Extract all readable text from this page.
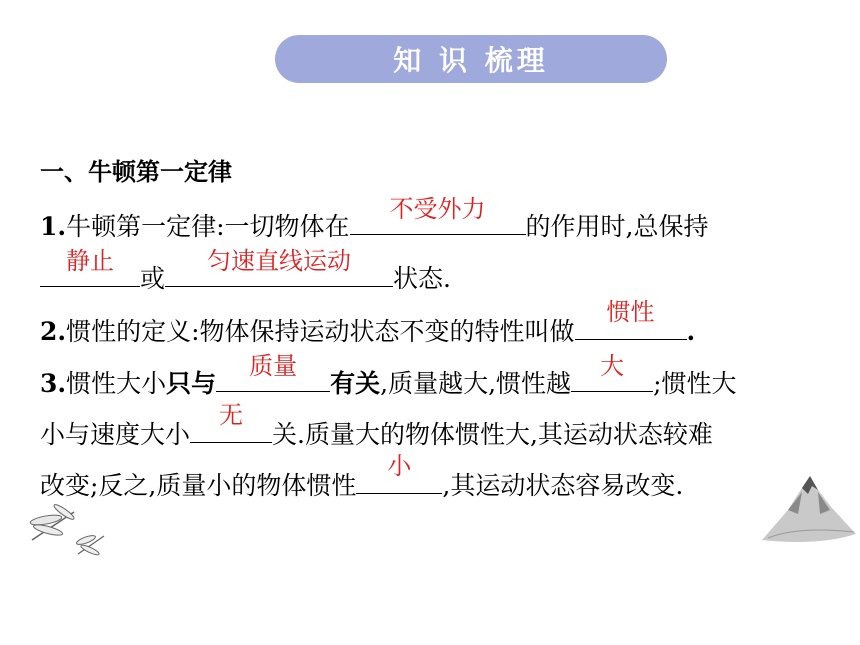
知 识 梳理
一、牛顿第一定律
1.牛顿第一定律:一切物体在
不受外力
的作用时,总保持
静止
或
匀速直线运动
状态.
2.惯性的定义:物体保持运动状态不变的特性叫做
惯性
.
3.惯性大小只与
质量
有关,质量越大,惯性越
大
;惯性大
小与速度大小
无
关.质量大的物体惯性大,其运动状态较难
改变;反之,质量小的物体惯性
小
,其运动状态容易改变.
